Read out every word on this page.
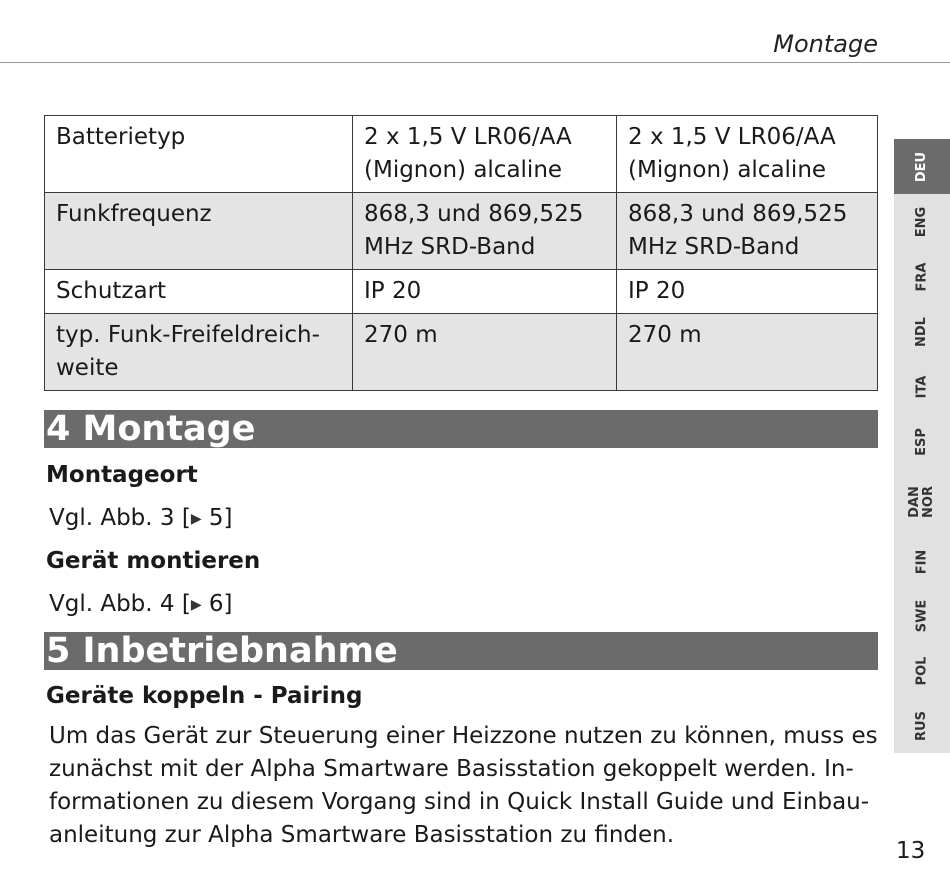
Montage
Batterietyp	2 x 1,5 V LR06/AA (Mignon) alcaline	2 x 1,5 V LR06/AA (Mignon) alcaline
Funkfrequenz	868,3 und 869,525 MHz SRD-Band	868,3 und 869,525 MHz SRD-Band
Schutzart	IP 20	IP 20
typ. Funk-Freifeldreich-weite	270 m	270 m
4 Montage
Montageort
Vgl. Abb. 3 [▶ 5]
Gerät montieren
Vgl. Abb. 4 [▶ 6]
5 Inbetriebnahme
Geräte koppeln - Pairing
Um das Gerät zur Steuerung einer Heizzone nutzen zu können, muss es
zunächst mit der Alpha Smartware Basisstation gekoppelt werden. In-
formationen zu diesem Vorgang sind in Quick Install Guide und Einbau-
anleitung zur Alpha Smartware Basisstation zu finden.
DEU
ENG
FRA
NDL
ITA
ESP
DAN NOR
FIN
SWE
POL
RUS
13
